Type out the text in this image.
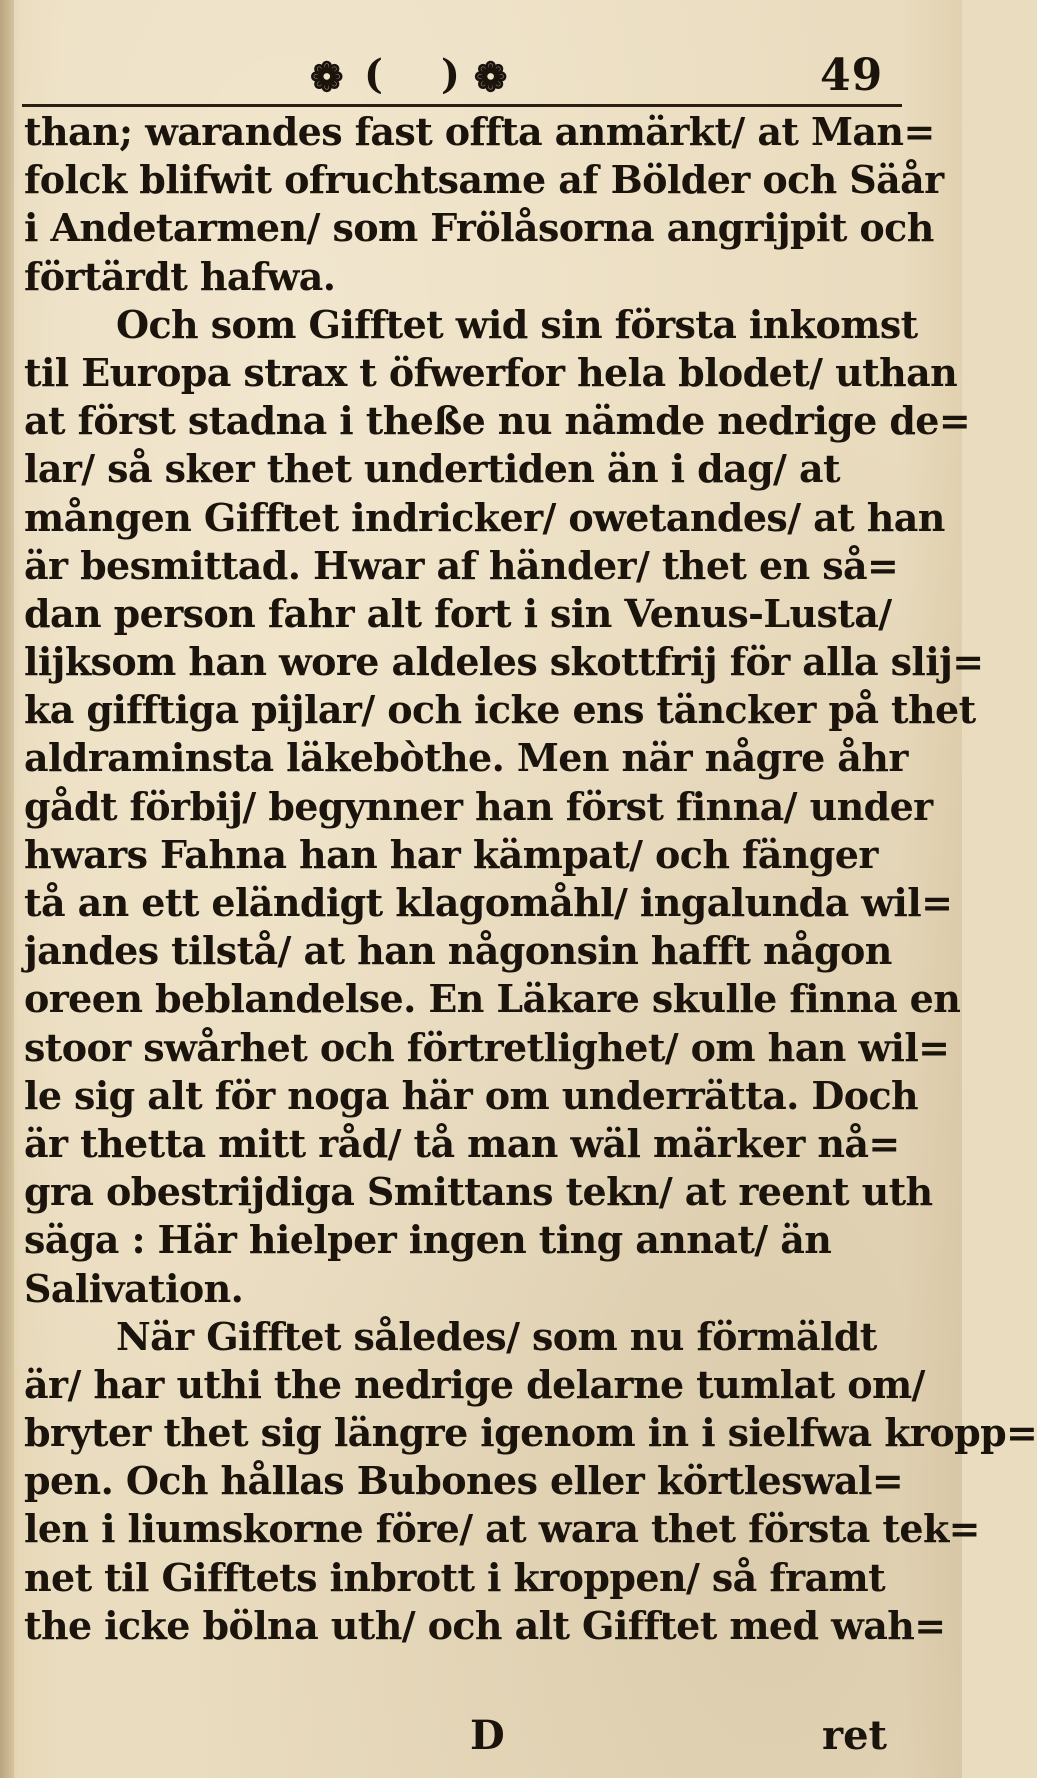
❁ ( ) ❁	49
than; warandes fast offta anmärkt/ at Man=
folck blifwit ofruchtsame af Bölder och Säår
i Andetarmen/ som Frölåsorna angrijpit och
förtärdt hafwa.
Och som Gifftet wid sin första inkomst
til Europa strax t öfwerfor hela blodet/ uthan
at först stadna i theße nu nämde nedrige de=
lar/ så sker thet undertiden än i dag/ at
mången Gifftet indricker/ owetandes/ at han
är besmittad. Hwar af händer/ thet en så=
dan person fahr alt fort i sin Venus-Lusta/
lijksom han wore aldeles skottfrij för alla slij=
ka gifftiga pijlar/ och icke ens täncker på thet
aldraminsta läkebòthe. Men när någre åhr
gådt förbij/ begynner han först finna/ under
hwars Fahna han har kämpat/ och fänger
tå an ett eländigt klagomåhl/ ingalunda wil=
jandes tilstå/ at han någonsin hafft någon
oreen beblandelse. En Läkare skulle finna en
stoor swårhet och förtretlighet/ om han wil=
le sig alt för noga här om underrätta. Doch
är thetta mitt råd/ tå man wäl märker nå=
gra obestrijdiga Smittans tekn/ at reent uth
säga : Här hielper ingen ting annat/ än
Salivation.
När Gifftet således/ som nu förmäldt
är/ har uthi the nedrige delarne tumlat om/
bryter thet sig längre igenom in i sielfwa kropp=
pen. Och hållas Bubones eller körtleswal=
len i liumskorne före/ at wara thet första tek=
net til Gifftets inbrott i kroppen/ så framt
the icke bölna uth/ och alt Gifftet med wah=
D	ret
